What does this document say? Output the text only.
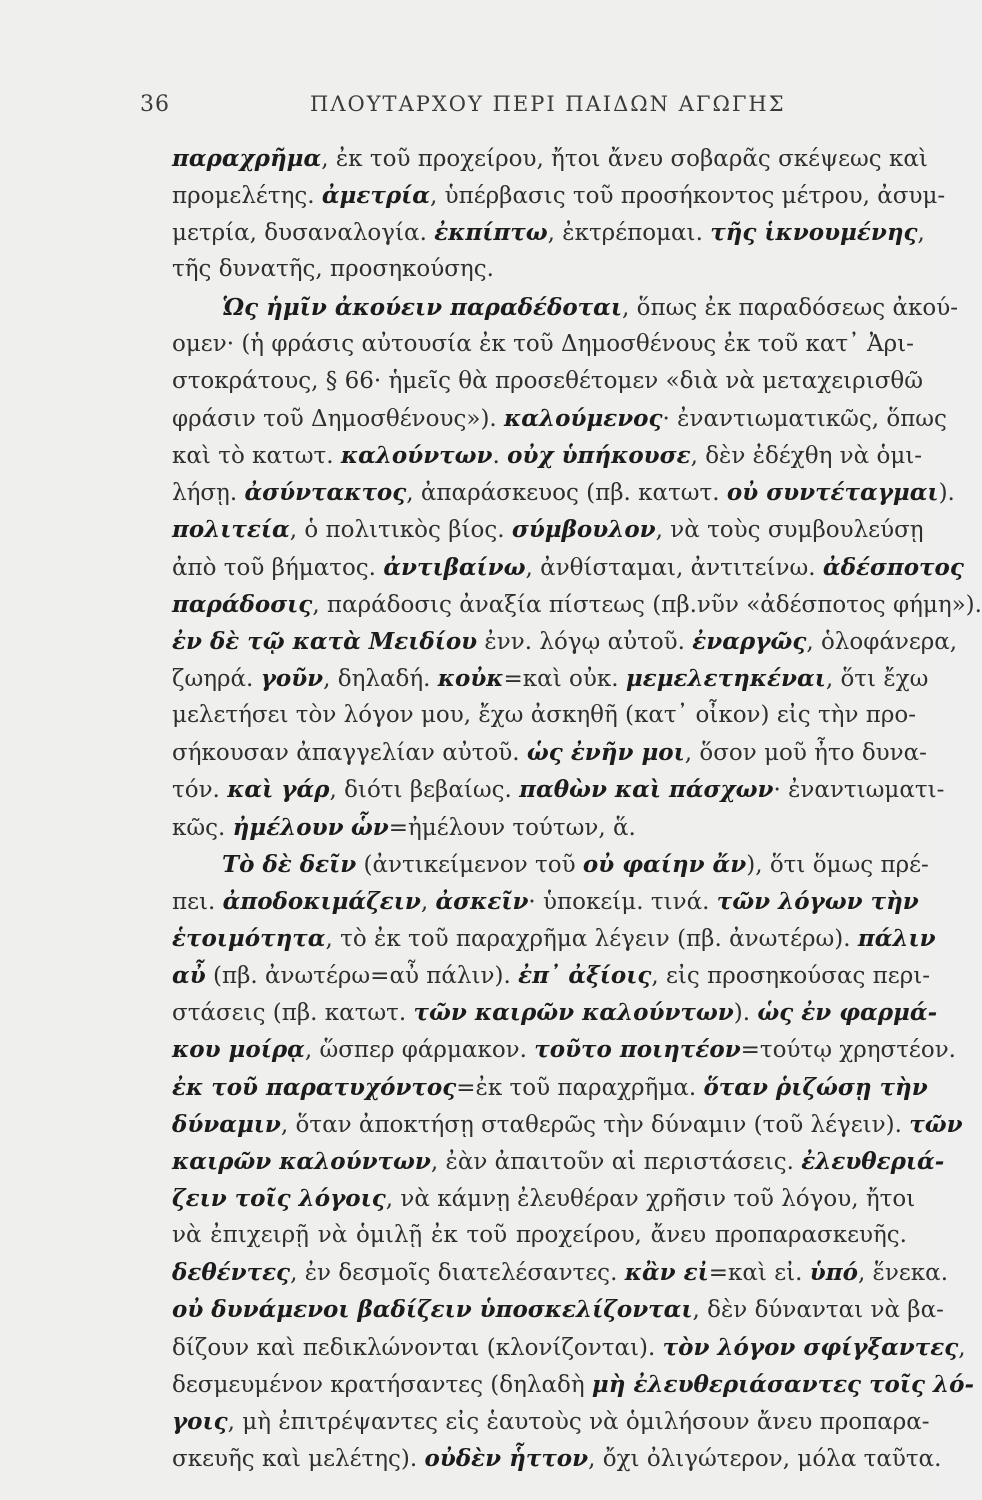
36	ΠΛΟΥΤΑΡΧΟΥ ΠΕΡΙ ΠΑΙΔΩΝ ΑΓΩΓΗΣ
παραχρῆμα, ἐκ τοῦ προχείρου, ἤτοι ἄνευ σοβαρᾶς σκέψεως καὶ
προμελέτης. ἀμετρία, ὑπέρβασις τοῦ προσήκοντος μέτρου, ἀσυμ-
μετρία, δυσαναλογία. ἐκπίπτω, ἐκτρέπομαι. τῆς ἱκνουμένης,
τῆς δυνατῆς, προσηκούσης.
Ὡς ἡμῖν ἀκούειν παραδέδοται, ὅπως ἐκ παραδόσεως ἀκού-
ομεν· (ἡ φράσις αὐτουσία ἐκ τοῦ Δημοσθένους ἐκ τοῦ κατ᾽ Ἀρι-
στοκράτους, § 66· ἡμεῖς θὰ προσεθέτομεν «διὰ νὰ μεταχειρισθῶ
φράσιν τοῦ Δημοσθένους»). καλούμενος· ἐναντιωματικῶς, ὅπως
καὶ τὸ κατωτ. καλούντων. οὐχ ὑπήκουσε, δὲν ἐδέχθη νὰ ὁμι-
λήσῃ. ἀσύντακτος, ἀπαράσκευος (πβ. κατωτ. οὐ συντέταγμαι).
πολιτεία, ὁ πολιτικὸς βίος. σύμβουλον, νὰ τοὺς συμβουλεύσῃ
ἀπὸ τοῦ βήματος. ἀντιβαίνω, ἀνθίσταμαι, ἀντιτείνω. ἀδέσποτος
παράδοσις, παράδοσις ἀναξία πίστεως (πβ.νῦν «ἀδέσποτος φήμη»).
ἐν δὲ τῷ κατὰ Μειδίου ἐνν. λόγῳ αὐτοῦ. ἐναργῶς, ὁλοφάνερα,
ζωηρά. γοῦν, δηλαδή. κοὐκ=καὶ οὐκ. μεμελετηκέναι, ὅτι ἔχω
μελετήσει τὸν λόγον μου, ἔχω ἀσκηθῆ (κατ᾽ οἶκον) εἰς τὴν προ-
σήκουσαν ἀπαγγελίαν αὐτοῦ. ὡς ἐνῆν μοι, ὅσον μοῦ ἦτο δυνα-
τόν. καὶ γάρ, διότι βεβαίως. παθὼν καὶ πάσχων· ἐναντιωματι-
κῶς. ἠμέλουν ὧν=ἠμέλουν τούτων, ἅ.
Τὸ δὲ δεῖν (ἀντικείμενον τοῦ οὐ φαίην ἄν), ὅτι ὅμως πρέ-
πει. ἀποδοκιμάζειν, ἀσκεῖν· ὑποκείμ. τινά. τῶν λόγων τὴν
ἑτοιμότητα, τὸ ἐκ τοῦ παραχρῆμα λέγειν (πβ. ἀνωτέρω). πάλιν
αὖ (πβ. ἀνωτέρω=αὖ πάλιν). ἐπ᾽ ἀξίοις, εἰς προσηκούσας περι-
στάσεις (πβ. κατωτ. τῶν καιρῶν καλούντων). ὡς ἐν φαρμά-
κου μοίρᾳ, ὥσπερ φάρμακον. τοῦτο ποιητέον=τούτῳ χρηστέον.
ἐκ τοῦ παρατυχόντος=ἐκ τοῦ παραχρῆμα. ὅταν ῥιζώσῃ τὴν
δύναμιν, ὅταν ἀποκτήσῃ σταθερῶς τὴν δύναμιν (τοῦ λέγειν). τῶν
καιρῶν καλούντων, ἐὰν ἀπαιτοῦν αἱ περιστάσεις. ἐλευθεριά-
ζειν τοῖς λόγοις, νὰ κάμνῃ ἐλευθέραν χρῆσιν τοῦ λόγου, ἤτοι
νὰ ἐπιχειρῇ νὰ ὁμιλῇ ἐκ τοῦ προχείρου, ἄνευ προπαρασκευῆς.
δεθέντες, ἐν δεσμοῖς διατελέσαντες. κἂν εἰ=καὶ εἰ. ὑπό, ἕνεκα.
οὐ δυνάμενοι βαδίζειν ὑποσκελίζονται, δὲν δύνανται νὰ βα-
δίζουν καὶ πεδικλώνονται (κλονίζονται). τὸν λόγον σφίγξαντες,
δεσμευμένον κρατήσαντες (δηλαδὴ μὴ ἐλευθεριάσαντες τοῖς λό-
γοις, μὴ ἐπιτρέψαντες εἰς ἑαυτοὺς νὰ ὁμιλήσουν ἄνευ προπαρα-
σκευῆς καὶ μελέτης). οὐδὲν ἧττον, ὄχι ὀλιγώτερον, μόλα ταῦτα.
